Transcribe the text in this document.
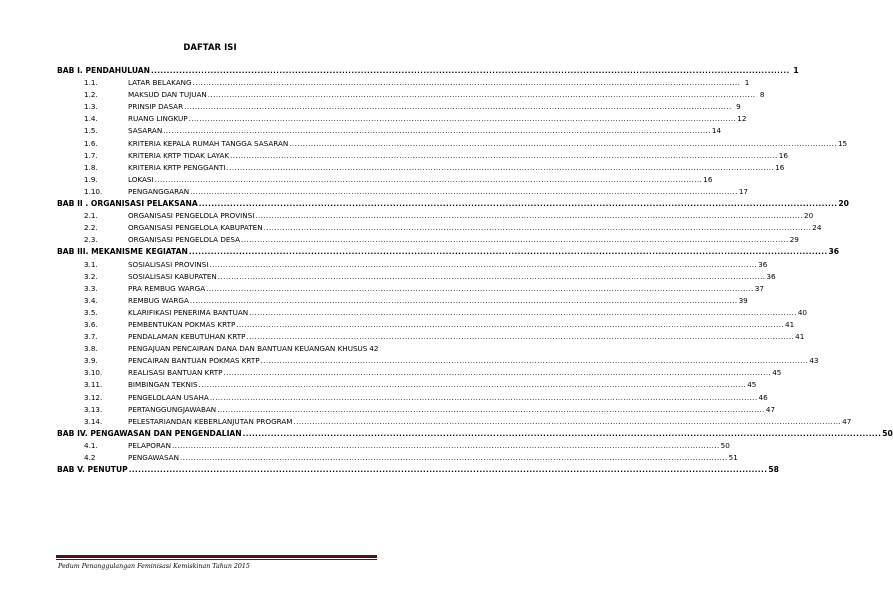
DAFTAR ISI
BAB I. PENDAHULUAN .....	1
1.1.	LATAR BELAKANG .....	1
1.2.	MAKSUD DAN TUJUAN .....	8
1.3.	PRINSIP DASAR .....	9
1.4.	RUANG LINGKUP .....	12
1.5.	SASARAN .....	14
1.6.	KRITERIA KEPALA RUMAH TANGGA SASARAN .....	15
1.7.	KRITERIA KRTP TIDAK LAYAK .....	16
1.8.	KRITERIA KRTP PENGGANTI .....	16
1.9.	LOKASI .....	16
1.10.	PENGANGGARAN .....	17
BAB II . ORGANISASI PELAKSANA .....	20
2.1.	ORGANISASI PENGELOLA PROVINSI .....	20
2.2.	ORGANISASI PENGELOLA KABUPATEN .....	24
2.3.	ORGANISASI PENGELOLA DESA .....	29
BAB III. MEKANISME KEGIATAN .....	36
3.1.	SOSIALISASI PROVINSI .....	36
3.2.	SOSIALISASI KABUPATEN .....	36
3.3.	PRA REMBUG WARGA .....	37
3.4.	REMBUG WARGA .....	39
3.5.	KLARIFIKASI PENERIMA BANTUAN .....	40
3.6.	PEMBENTUKAN POKMAS KRTP .....	41
3.7.	PENDALAMAN KEBUTUHAN KRTP .....	41
3.8.	PENGAJUAN PENCAIRAN DANA DAN BANTUAN KEUANGAN KHUSUS 42
3.9.	PENCAIRAN BANTUAN POKMAS KRTP .....	43
3.10.	REALISASI BANTUAN KRTP .....	45
3.11.	BIMBINGAN TEKNIS .....	45
3.12.	PENGELOLAAN USAHA .....	46
3.13.	PERTANGGUNGJAWABAN .....	47
3.14.	PELESTARIANDAN KEBERLANJUTAN PROGRAM .....	47
BAB IV. PENGAWASAN DAN PENGENDALIAN .....	50
4.1.	PELAPORAN .....	50
4.2	PENGAWASAN .....	51
BAB V. PENUTUP .....	58
Pedum Penanggulangan Feminisasi Kemiskinan Tahun 2015
